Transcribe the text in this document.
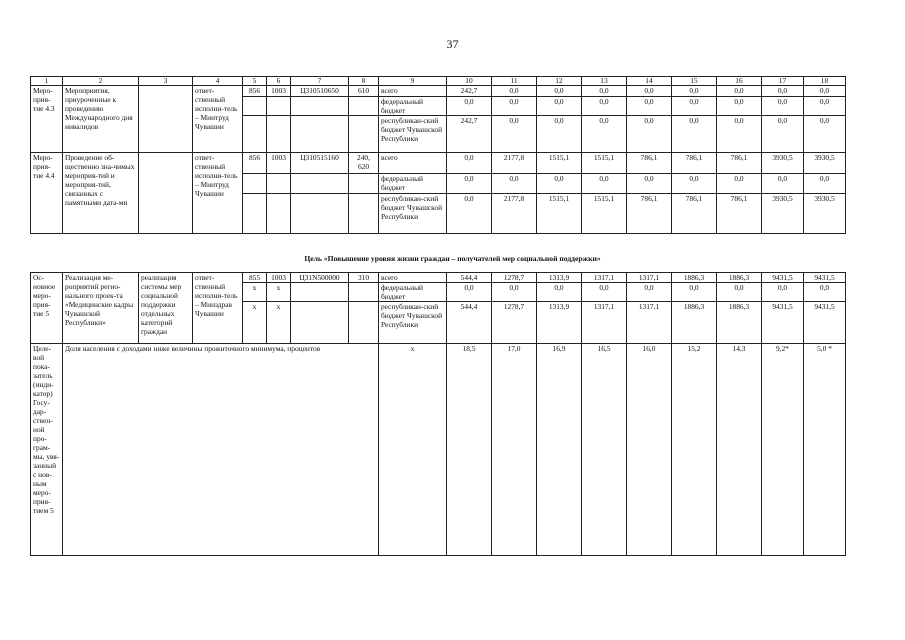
37
1	2	3	4	5	6	7	8	9	10	11	12	13	14	15	16	17	18
Меро-прия-тие 4.3	Мероприятия, приуроченные к проведению Международного дня инвалидов		ответ-ственный исполни-тель – Минтруд Чувашии	856	1003	Ц310510650	610	всего	242,7	0,0	0,0	0,0	0,0	0,0	0,0	0,0	0,0
								федеральный бюджет	0,0	0,0	0,0	0,0	0,0	0,0	0,0	0,0	0,0
								республикан-ский бюджет Чувашской Республики	242,7	0,0	0,0	0,0	0,0	0,0	0,0	0,0	0,0
Меро-прия-тие 4.4	Проведение об-щественно зна-чимых мероприя-тий и мероприя-тий, связанных с памятными дата-ми		ответ-ственный исполни-тель – Минтруд Чувашии	856	1003	Ц310515160	240, 620	всего	0,0	2177,8	1515,1	1515,1	786,1	786,1	786,1	3930,5	3930,5
								федеральный бюджет	0,0	0,0	0,0	0,0	0,0	0,0	0,0	0,0	0,0
								республикан-ский бюджет Чувашской Республики	0,0	2177,8	1515,1	1515,1	786,1	786,1	786,1	3930,5	3930,5
Цель «Повышение уровня жизни граждан – получателей мер социальной поддержки»
Ос-новное меро-прия-тие 5	Реализация ме-роприятий регио-нального проек-та «Медицинские кадры Чувашской Республики»	реализация системы мер социальной поддержки отдельных категорий граждан	ответ-ственный исполни-тель – Минздрав Чувашии	855	1003	Ц31N500000	310	всего	544,4	1278,7	1313,9	1317,1	1317,1	1886,3	1886,3	9431,5	9431,5
				x	x			федеральный бюджет	0,0	0,0	0,0	0,0	0,0	0,0	0,0	0,0	0,0
				x	x			республикан-ский бюджет Чувашской Республики	544,4	1278,7	1313,9	1317,1	1317,1	1886,3	1886,3	9431,5	9431,5
Целе-вой пока-затель (инди-катор) Госу-дар-ствен-ной про-грам-мы, увя-занный с нов-ным меро-прия-тием 5	Доля населения с доходами ниже величины прожиточного минимума, процентов							х	18,5	17,0	16,9	16,5	16,0	15,2	14,3	9,2*	5,0 *
